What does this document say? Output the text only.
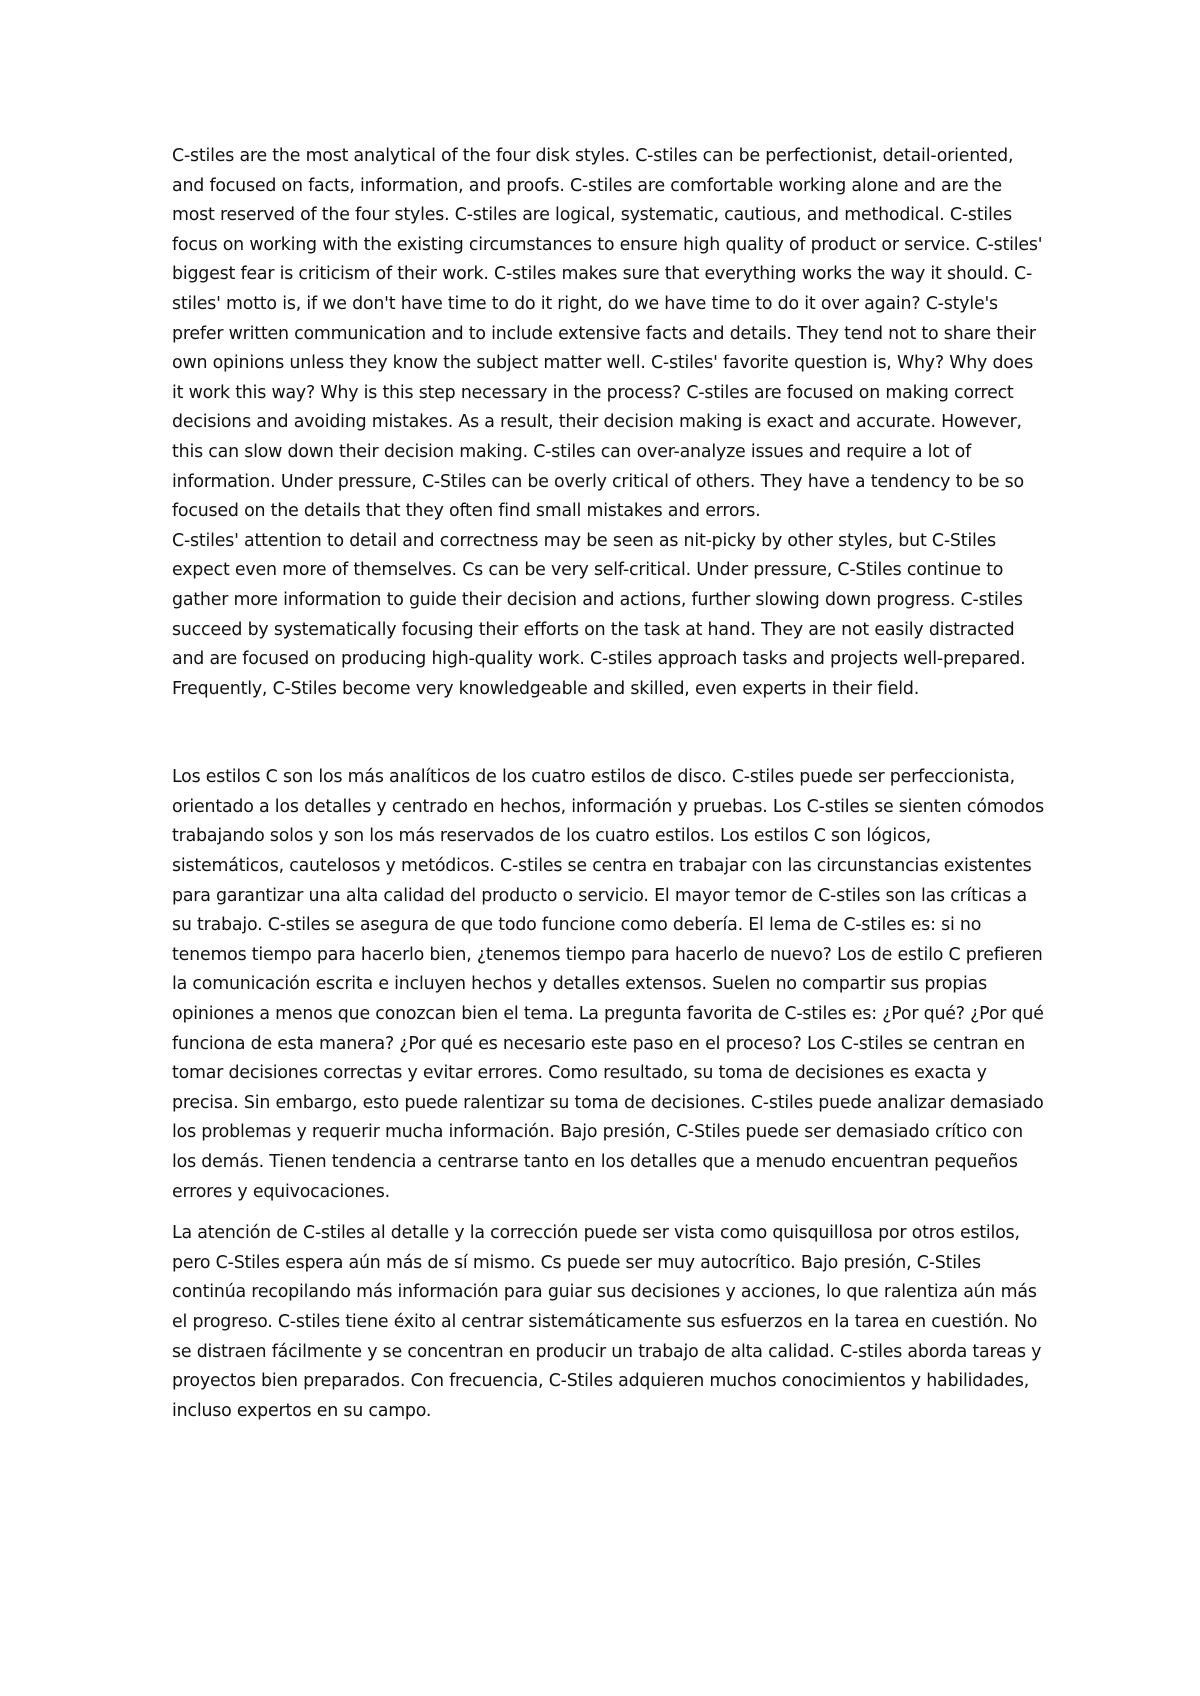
C-stiles are the most analytical of the four disk styles. C-stiles can be perfectionist, detail-oriented, and focused on facts, information, and proofs. C-stiles are comfortable working alone and are the most reserved of the four styles. C-stiles are logical, systematic, cautious, and methodical. C-stiles focus on working with the existing circumstances to ensure high quality of product or service. C-stiles' biggest fear is criticism of their work. C-stiles makes sure that everything works the way it should. C-stiles' motto is, if we don't have time to do it right, do we have time to do it over again? C-style's prefer written communication and to include extensive facts and details. They tend not to share their own opinions unless they know the subject matter well. C-stiles' favorite question is, Why? Why does it work this way? Why is this step necessary in the process? C-stiles are focused on making correct decisions and avoiding mistakes. As a result, their decision making is exact and accurate. However, this can slow down their decision making. C-stiles can over-analyze issues and require a lot of information. Under pressure, C-Stiles can be overly critical of others. They have a tendency to be so focused on the details that they often find small mistakes and errors.

C-stiles' attention to detail and correctness may be seen as nit-picky by other styles, but C-Stiles expect even more of themselves. Cs can be very self-critical. Under pressure, C-Stiles continue to gather more information to guide their decision and actions, further slowing down progress. C-stiles succeed by systematically focusing their efforts on the task at hand. They are not easily distracted and are focused on producing high-quality work. C-stiles approach tasks and projects well-prepared. Frequently, C-Stiles become very knowledgeable and skilled, even experts in their field.

Los estilos C son los más analíticos de los cuatro estilos de disco. C-stiles puede ser perfeccionista, orientado a los detalles y centrado en hechos, información y pruebas. Los C-stiles se sienten cómodos trabajando solos y son los más reservados de los cuatro estilos. Los estilos C son lógicos, sistemáticos, cautelosos y metódicos. C-stiles se centra en trabajar con las circunstancias existentes para garantizar una alta calidad del producto o servicio. El mayor temor de C-stiles son las críticas a su trabajo. C-stiles se asegura de que todo funcione como debería. El lema de C-stiles es: si no tenemos tiempo para hacerlo bien, ¿tenemos tiempo para hacerlo de nuevo? Los de estilo C prefieren la comunicación escrita e incluyen hechos y detalles extensos. Suelen no compartir sus propias opiniones a menos que conozcan bien el tema. La pregunta favorita de C-stiles es: ¿Por qué? ¿Por qué funciona de esta manera? ¿Por qué es necesario este paso en el proceso? Los C-stiles se centran en tomar decisiones correctas y evitar errores. Como resultado, su toma de decisiones es exacta y precisa. Sin embargo, esto puede ralentizar su toma de decisiones. C-stiles puede analizar demasiado los problemas y requerir mucha información. Bajo presión, C-Stiles puede ser demasiado crítico con los demás. Tienen tendencia a centrarse tanto en los detalles que a menudo encuentran pequeños errores y equivocaciones.

La atención de C-stiles al detalle y la corrección puede ser vista como quisquillosa por otros estilos, pero C-Stiles espera aún más de sí mismo. Cs puede ser muy autocrítico. Bajo presión, C-Stiles continúa recopilando más información para guiar sus decisiones y acciones, lo que ralentiza aún más el progreso. C-stiles tiene éxito al centrar sistemáticamente sus esfuerzos en la tarea en cuestión. No se distraen fácilmente y se concentran en producir un trabajo de alta calidad. C-stiles aborda tareas y proyectos bien preparados. Con frecuencia, C-Stiles adquieren muchos conocimientos y habilidades, incluso expertos en su campo.
